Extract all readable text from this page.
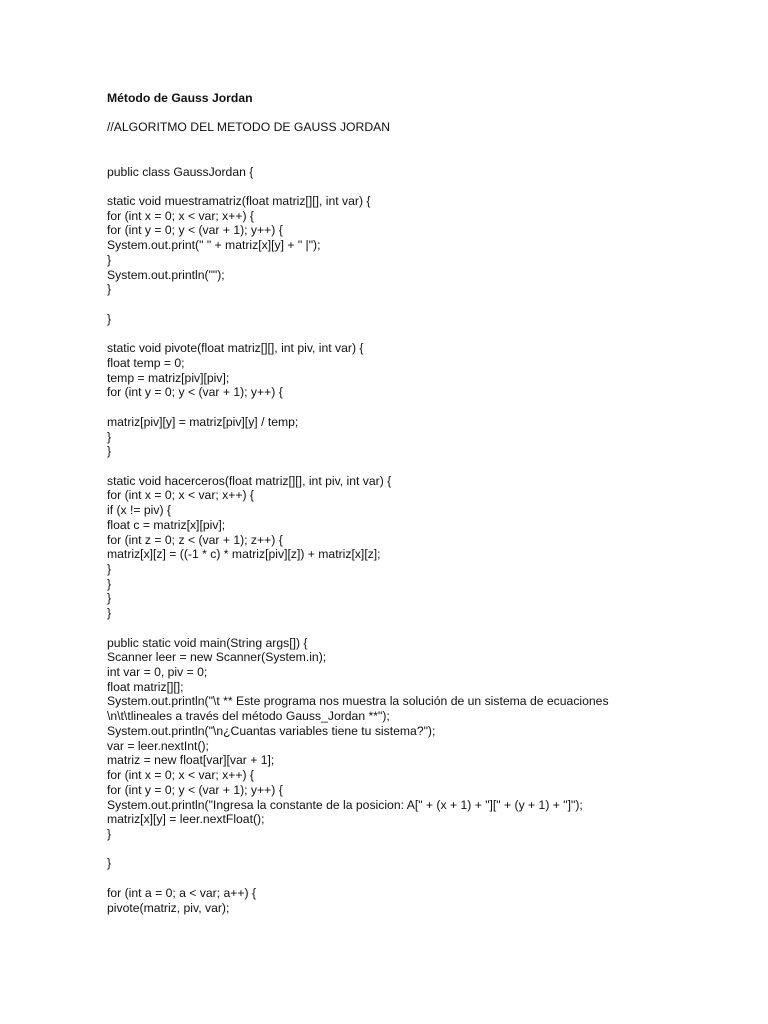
Método de Gauss Jordan
//ALGORITMO DEL METODO DE GAUSS JORDAN
public class GaussJordan {
static void muestramatriz(float matriz[][], int var) {
for (int x = 0; x < var; x++) {
for (int y = 0; y < (var + 1); y++) {
System.out.print(" " + matriz[x][y] + " |");
}
System.out.println("");
}
}
static void pivote(float matriz[][], int piv, int var) {
float temp = 0;
temp = matriz[piv][piv];
for (int y = 0; y < (var + 1); y++) {
matriz[piv][y] = matriz[piv][y] / temp;
}
}
static void hacerceros(float matriz[][], int piv, int var) {
for (int x = 0; x < var; x++) {
if (x != piv) {
float c = matriz[x][piv];
for (int z = 0; z < (var + 1); z++) {
matriz[x][z] = ((-1 * c) * matriz[piv][z]) + matriz[x][z];
}
}
}
}
public static void main(String args[]) {
Scanner leer = new Scanner(System.in);
int var = 0, piv = 0;
float matriz[][];
System.out.println("\t ** Este programa nos muestra la solución de un sistema de ecuaciones
\n\t\tlineales a través del método Gauss_Jordan **");
System.out.println("\n¿Cuantas variables tiene tu sistema?");
var = leer.nextInt();
matriz = new float[var][var + 1];
for (int x = 0; x < var; x++) {
for (int y = 0; y < (var + 1); y++) {
System.out.println("Ingresa la constante de la posicion: A[" + (x + 1) + "][" + (y + 1) + "]");
matriz[x][y] = leer.nextFloat();
}
}
for (int a = 0; a < var; a++) {
pivote(matriz, piv, var);
